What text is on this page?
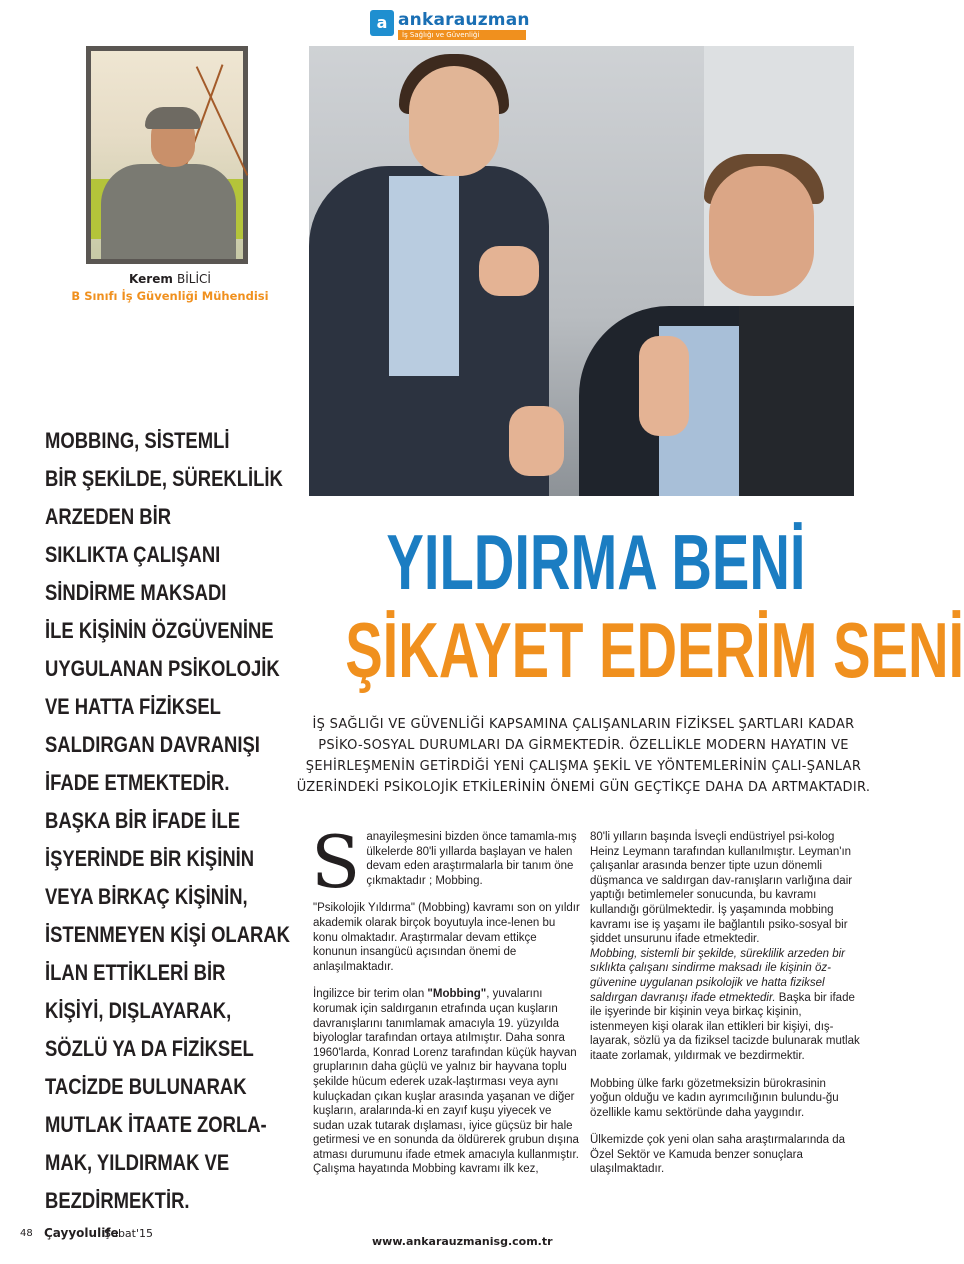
a ankarauzman
İş Sağlığı ve Güvenliği
Kerem BİLİCİ
B Sınıfı İş Güvenliği Mühendisi
MOBBING, SİSTEMLİ
BİR ŞEKİLDE, SÜREKLİLİK
ARZEDEN BİR
SIKLIKTA ÇALIŞANI
SİNDİRME MAKSADI
İLE KİŞİNİN ÖZGÜVENİNE
UYGULANAN PSİKOLOJİK
VE HATTA FİZİKSEL
SALDIRGAN DAVRANIŞI
İFADE ETMEKTEDİR.
BAŞKA BİR İFADE İLE
İŞYERİNDE BİR KİŞİNİN
VEYA BİRKAÇ KİŞİNİN,
İSTENMEYEN KİŞİ OLARAK
İLAN ETTİKLERİ BİR
KİŞİYİ, DIŞLAYARAK,
SÖZLÜ YA DA FİZİKSEL
TACİZDE BULUNARAK
MUTLAK İTAATE ZORLA-
MAK, YILDIRMAK VE
BEZDİRMEKTİR.
YILDIRMA BENİ
ŞİKAYET EDERİM SENİ
İŞ SAĞLIĞI VE GÜVENLİĞİ KAPSAMINA ÇALIŞANLARIN FİZİKSEL ŞARTLARI KADAR PSİKO-SOSYAL DURUMLARI DA GİRMEKTEDİR. ÖZELLİKLE MODERN HAYATIN VE ŞEHİRLEŞMENİN GETİRDİĞİ YENİ ÇALIŞMA ŞEKİL VE YÖNTEMLERİNİN ÇALI-ŞANLAR ÜZERİNDEKİ PSİKOLOJİK ETKİLERİNİN ÖNEMİ GÜN GEÇTİKÇE DAHA DA ARTMAKTADIR.

Sanayileşmesini bizden önce tamamla-mış ülkelerde 80'li yıllarda başlayan ve halen devam eden araştırmalarla bir tanım öne çıkmaktadır ; Mobbing.

"Psikolojik Yıldırma" (Mobbing) kavramı son on yıldır akademik olarak birçok boyutuyla ince-lenen bu konu olmaktadır. Araştırmalar devam ettikçe konunun insangücü açısından önemi de anlaşılmaktadır.

İngilizce bir terim olan "Mobbing", yuvalarını korumak için saldırganın etrafında uçan kuşların davranışlarını tanımlamak amacıyla 19. yüzyılda biyologlar tarafından ortaya atılmıştır. Daha sonra 1960'larda, Konrad Lorenz tarafından küçük hayvan gruplarının daha güçlü ve yalnız bir hayvana toplu şekilde hücum ederek uzak-laştırması veya aynı kuluçkadan çıkan kuşlar arasında yaşanan ve diğer kuşların, aralarında-ki en zayıf kuşu yiyecek ve sudan uzak tutarak dışlaması, iyice güçsüz bir hale getirmesi ve en sonunda da öldürerek grubun dışına atması durumunu ifade etmek amacıyla kullanmıştır. Çalışma hayatında Mobbing kavramı ilk kez,

80'li yılların başında İsveçli endüstriyel psi-kolog Heinz Leymann tarafından kullanılmıştır. Leyman'ın çalışanlar arasında benzer tipte uzun dönemli düşmanca ve saldırgan dav-ranışların varlığına dair yaptığı betimlemeler sonucunda, bu kavramı kullandığı görülmektedir. İş yaşamında mobbing kavramı ise iş yaşamı ile bağlantılı psiko-sosyal bir şiddet unsurunu ifade etmektedir.

Mobbing, sistemli bir şekilde, süreklilik arzeden bir sıklıkta çalışanı sindirme maksadı ile kişinin öz-güvenine uygulanan psikolojik ve hatta fiziksel saldırgan davranışı ifade etmektedir. Başka bir ifade ile işyerinde bir kişinin veya birkaç kişinin, istenmeyen kişi olarak ilan ettikleri bir kişiyi, dış-layarak, sözlü ya da fiziksel tacizde bulunarak mutlak itaate zorlamak, yıldırmak ve bezdirmektir.

Mobbing ülke farkı gözetmeksizin bürokrasinin yoğun olduğu ve kadın ayrımcılığının bulundu-ğu özellikle kamu sektöründe daha yaygındır.

Ülkemizde çok yeni olan saha araştırmalarında da Özel Sektör ve Kamuda benzer sonuçlara ulaşılmaktadır.

48 Çayyolulife
Şubat'15
www.ankarauzmanisg.com.tr
